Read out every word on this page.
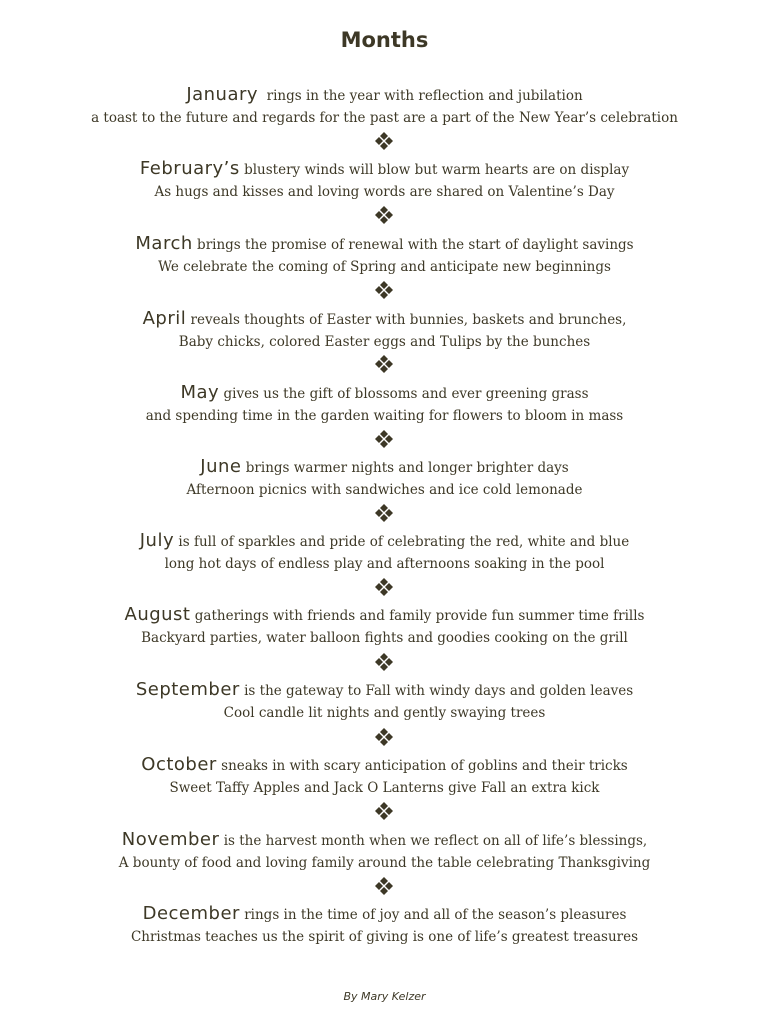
Months
January  rings in the year with reflection and jubilation
a toast to the future and regards for the past are a part of the New Year’s celebration
February’s blustery winds will blow but warm hearts are on display
As hugs and kisses and loving words are shared on Valentine’s Day
March brings the promise of renewal with the start of daylight savings
We celebrate the coming of Spring and anticipate new beginnings
April reveals thoughts of Easter with bunnies, baskets and brunches,
Baby chicks, colored Easter eggs and Tulips by the bunches
May gives us the gift of blossoms and ever greening grass
and spending time in the garden waiting for flowers to bloom in mass
June brings warmer nights and longer brighter days
Afternoon picnics with sandwiches and ice cold lemonade
July is full of sparkles and pride of celebrating the red, white and blue
long hot days of endless play and afternoons soaking in the pool
August gatherings with friends and family provide fun summer time frills
Backyard parties, water balloon fights and goodies cooking on the grill
September is the gateway to Fall with windy days and golden leaves
Cool candle lit nights and gently swaying trees
October sneaks in with scary anticipation of goblins and their tricks
Sweet Taffy Apples and Jack O Lanterns give Fall an extra kick
November is the harvest month when we reflect on all of life’s blessings,
A bounty of food and loving family around the table celebrating Thanksgiving
December rings in the time of joy and all of the season’s pleasures
Christmas teaches us the spirit of giving is one of life’s greatest treasures
By Mary Kelzer
